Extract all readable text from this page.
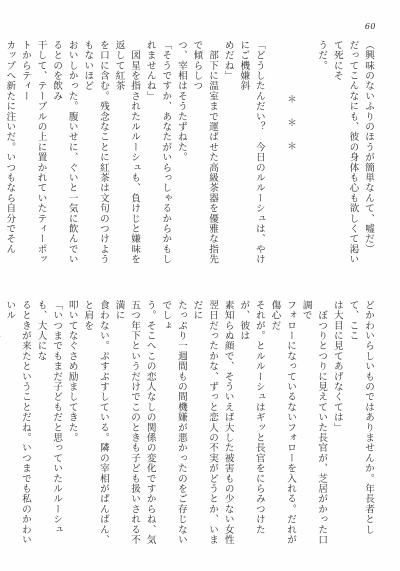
60
（興味のないふりのほうが簡単なんて、嘘だ）
だってこんなにも、彼の身体も心も欲しくて渇いて死にそ
うだ。
＊＊＊
「どうしたんだい？　今日のルルーシュは、やけにご機嫌斜
めだね」
　部下に温室まで運ばせた高級茶器を優雅な指先で傾らしつ
つ、宰相はそうたずねた。
「そうですか、あなたがいらっしゃるからかもしれませんね」
　図星を指されたルルーシュも、負けじと嫌味を返して紅茶
を口に含む。残念なことに紅茶は文句のつけようもないほど
おいしかった。腹いせに、ぐいと一気に飲んでいるとのを飲み
干して、テーブルの上に置かれていたティーポットからティー
カップへ新たに注いだ。いつもなら自分でそん
どかわいらしいものではありませんか。年長者として、ここ
は大目に見てあげなくては」
　ぼつりとつりに見えていた長官が、芝居がかった口調で
フォローになっているないフォローを入れる。だれが傷心だ
それが。とルルーシュはギッと長官をにらみつけたが、彼は
素知らぬ顔で、そういえば大した被害もの少ない女性
翌日だったかな、ずっと恋人の不実がどうとか、いまだに
たっぷり一週間もの間機嫌が悪かったのをご存じないでしょ
う。そこへこの恋人なしの関係の変化ですからね、気
五つ年下というだけでこのときも子ども扱いされる不満に
食わない。ぷすぷすしている。隣の宰相がぱんぱん、と肩を
叩いてなぐさめ励ましてきた。
「いつまでもまだ子どもだと思っていたルルーシュも、大人にな
るときが来たということだね。いつまでも私のかわいいル
